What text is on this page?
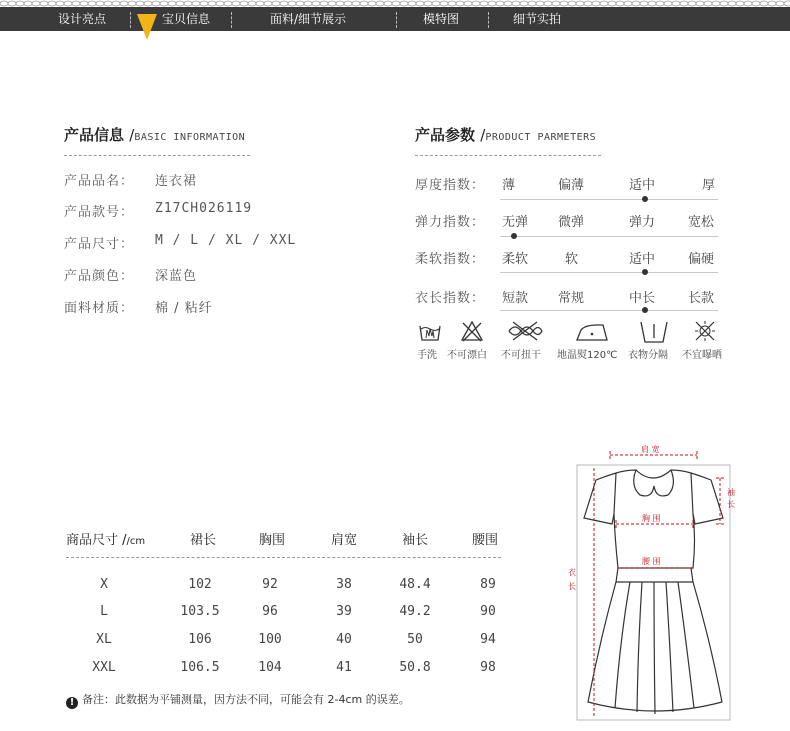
设计亮点	宝贝信息	面料/细节展示	模特图	细节实拍
产品信息 /BASIC INFORMATION
产品品名： 连衣裙
产品款号： Z17CH026119
产品尺寸： M / L / XL / XXL
产品颜色： 深蓝色
面料材质： 棉 / 粘纤
产品参数 /PRODUCT PARMETERS
厚度指数： 薄	偏薄	适中	厚
弹力指数： 无弹 微弹	弹力	宽松
柔软指数： 柔软	软	适中	偏硬
衣长指数： 短款 常规	中长	长款
手洗 不可漂白 不可扭干 地温熨120℃ 衣物分隔 不宜曝晒
商品尺寸 //cm	裙长	胸围	肩宽	袖长	腰围
X	102	92	38	48.4	89
L	103.5	96	39	49.2	90
XL	106	100	40	50	94
XXL	106.5	104	41	50.8	98
! 备注：此数据为平铺测量，因方法不同，可能会有 2-4cm 的误差。
肩 宽
胸 围
腰 围
袖 长
衣 长
